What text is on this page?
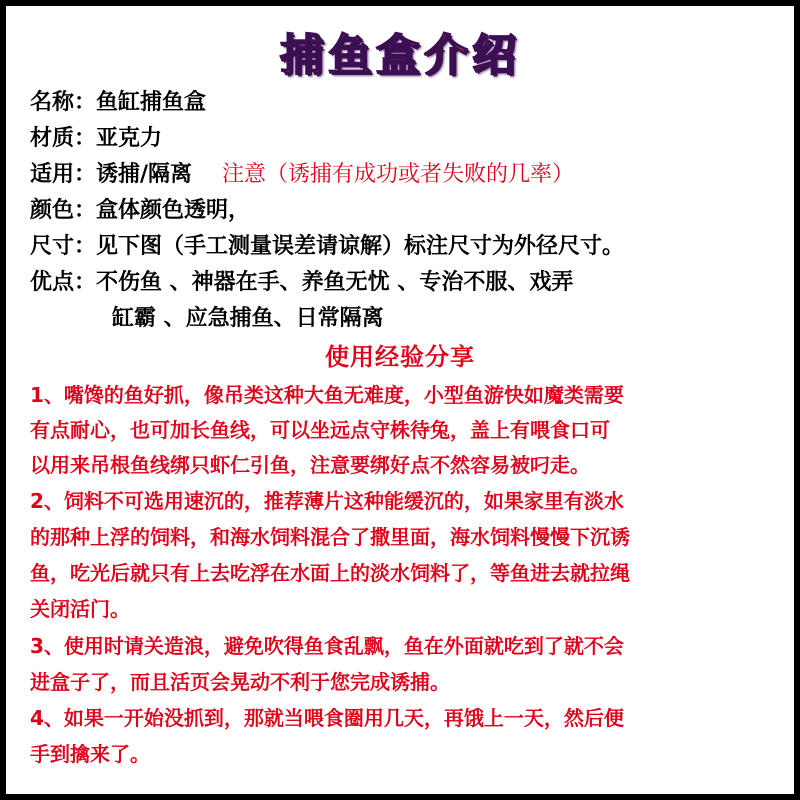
捕鱼盒介绍
名称：鱼缸捕鱼盒
材质：亚克力
适用：诱捕/隔离 注意（诱捕有成功或者失败的几率）
颜色：盒体颜色透明，
尺寸：见下图（手工测量误差请谅解）标注尺寸为外径尺寸。
优点：不伤鱼 、神器在手、养鱼无忧 、专治不服、戏弄
缸霸 、应急捕鱼、日常隔离
使用经验分享
1、嘴馋的鱼好抓，像吊类这种大鱼无难度，小型鱼游快如魔类需要
有点耐心，也可加长鱼线，可以坐远点守株待兔，盖上有喂食口可
以用来吊根鱼线绑只虾仁引鱼，注意要绑好点不然容易被叼走。
2、饲料不可选用速沉的，推荐薄片这种能缓沉的，如果家里有淡水
的那种上浮的饲料，和海水饲料混合了撒里面，海水饲料慢慢下沉诱
鱼，吃光后就只有上去吃浮在水面上的淡水饲料了，等鱼进去就拉绳
关闭活门。
3、使用时请关造浪，避免吹得鱼食乱飘，鱼在外面就吃到了就不会
进盒子了，而且活页会晃动不利于您完成诱捕。
4、如果一开始没抓到，那就当喂食圈用几天，再饿上一天，然后便
手到擒来了。
